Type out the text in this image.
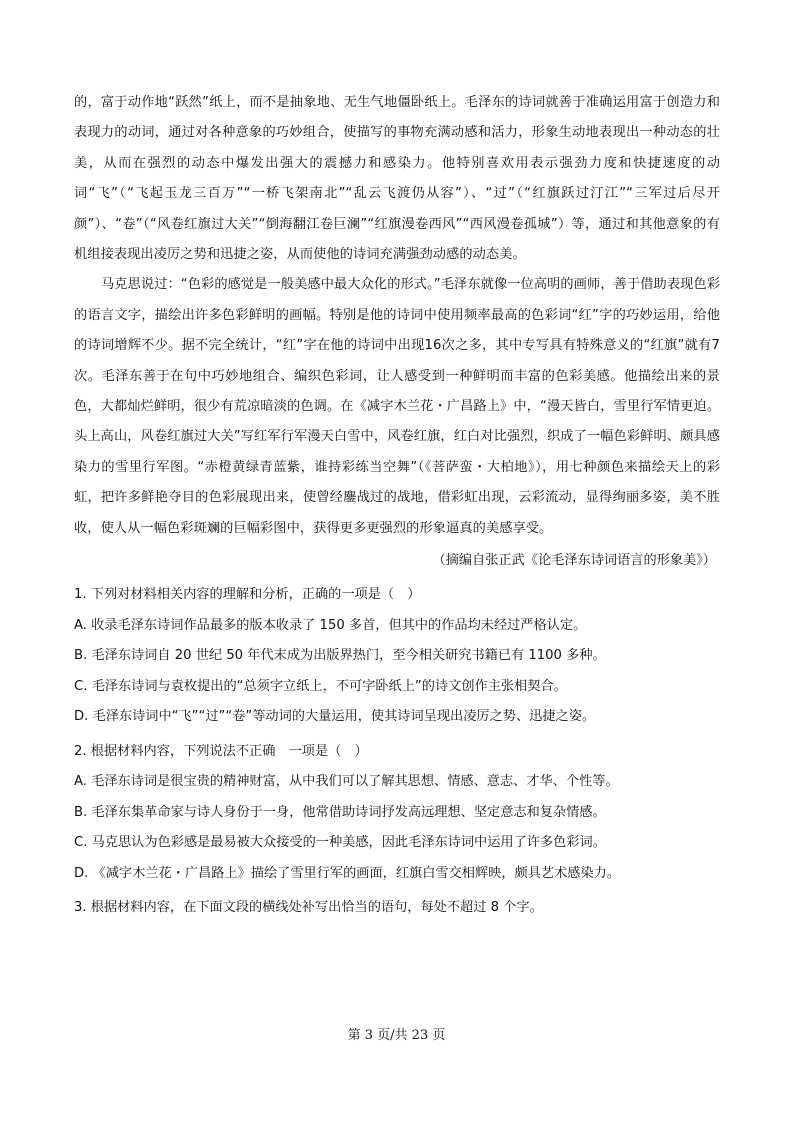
的，富于动作地“跃然”纸上，而不是抽象地、无生气地僵卧纸上。毛泽东的诗词就善于准确运用富于创造力和表现力的动词，通过对各种意象的巧妙组合，使描写的事物充满动感和活力，形象生动地表现出一种动态的壮美，从而在强烈的动态中爆发出强大的震撼力和感染力。他特别喜欢用表示强劲力度和快捷速度的动词“飞”（“飞起玉龙三百万”“一桥飞架南北”“乱云飞渡仍从容”）、“过”（“红旗跃过汀江”“三军过后尽开颜”）、“卷”（“风卷红旗过大关”“倒海翻江卷巨澜”“红旗漫卷西风”“西风漫卷孤城”）等，通过和其他意象的有机组接表现出凌厉之势和迅捷之姿，从而使他的诗词充满强劲动感的动态美。

马克思说过：“色彩的感觉是一般美感中最大众化的形式。”毛泽东就像一位高明的画师，善于借助表现色彩的语言文字，描绘出许多色彩鲜明的画幅。特别是他的诗词中使用频率最高的色彩词“红”字的巧妙运用，给他的诗词增辉不少。据不完全统计，“红”字在他的诗词中出现16次之多，其中专写具有特殊意义的“红旗”就有7次。毛泽东善于在句中巧妙地组合、编织色彩词，让人感受到一种鲜明而丰富的色彩美感。他描绘出来的景色，大都灿烂鲜明，很少有荒凉暗淡的色调。在《减字木兰花・广昌路上》中，“漫天皆白，雪里行军情更迫。头上高山，风卷红旗过大关”写红军行军漫天白雪中，风卷红旗，红白对比强烈，织成了一幅色彩鲜明、颇具感染力的雪里行军图。“赤橙黄绿青蓝紫，谁持彩练当空舞”（《菩萨蛮・大柏地》），用七种颜色来描绘天上的彩虹，把许多鲜艳夺目的色彩展现出来，使曾经鏖战过的战地，借彩虹出现，云彩流动，显得绚丽多姿，美不胜收，使人从一幅色彩斑斓的巨幅彩图中，获得更多更强烈的形象逼真的美感享受。

（摘编自张正武《论毛泽东诗词语言的形象美》）

1. 下列对材料相关内容的理解和分析，正确的一项是（　）

A. 收录毛泽东诗词作品最多的版本收录了 150 多首，但其中的作品均未经过严格认定。

B. 毛泽东诗词自 20 世纪 50 年代末成为出版界热门，至今相关研究书籍已有 1100 多种。

C. 毛泽东诗词与袁枚提出的“总须字立纸上，不可字卧纸上”的诗文创作主张相契合。

D. 毛泽东诗词中“飞”“过”“卷”等动词的大量运用，使其诗词呈现出凌厉之势、迅捷之姿。

2. 根据材料内容，下列说法不正确　一项是（　）

A. 毛泽东诗词是很宝贵的精神财富，从中我们可以了解其思想、情感、意志、才华、个性等。

B. 毛泽东集革命家与诗人身份于一身，他常借助诗词抒发高远理想、坚定意志和复杂情感。

C. 马克思认为色彩感是最易被大众接受的一种美感，因此毛泽东诗词中运用了许多色彩词。

D. 《减字木兰花・广昌路上》描绘了雪里行军的画面，红旗白雪交相辉映，颇具艺术感染力。

3. 根据材料内容，在下面文段的横线处补写出恰当的语句，每处不超过 8 个字。

第 3 页/共 23 页
